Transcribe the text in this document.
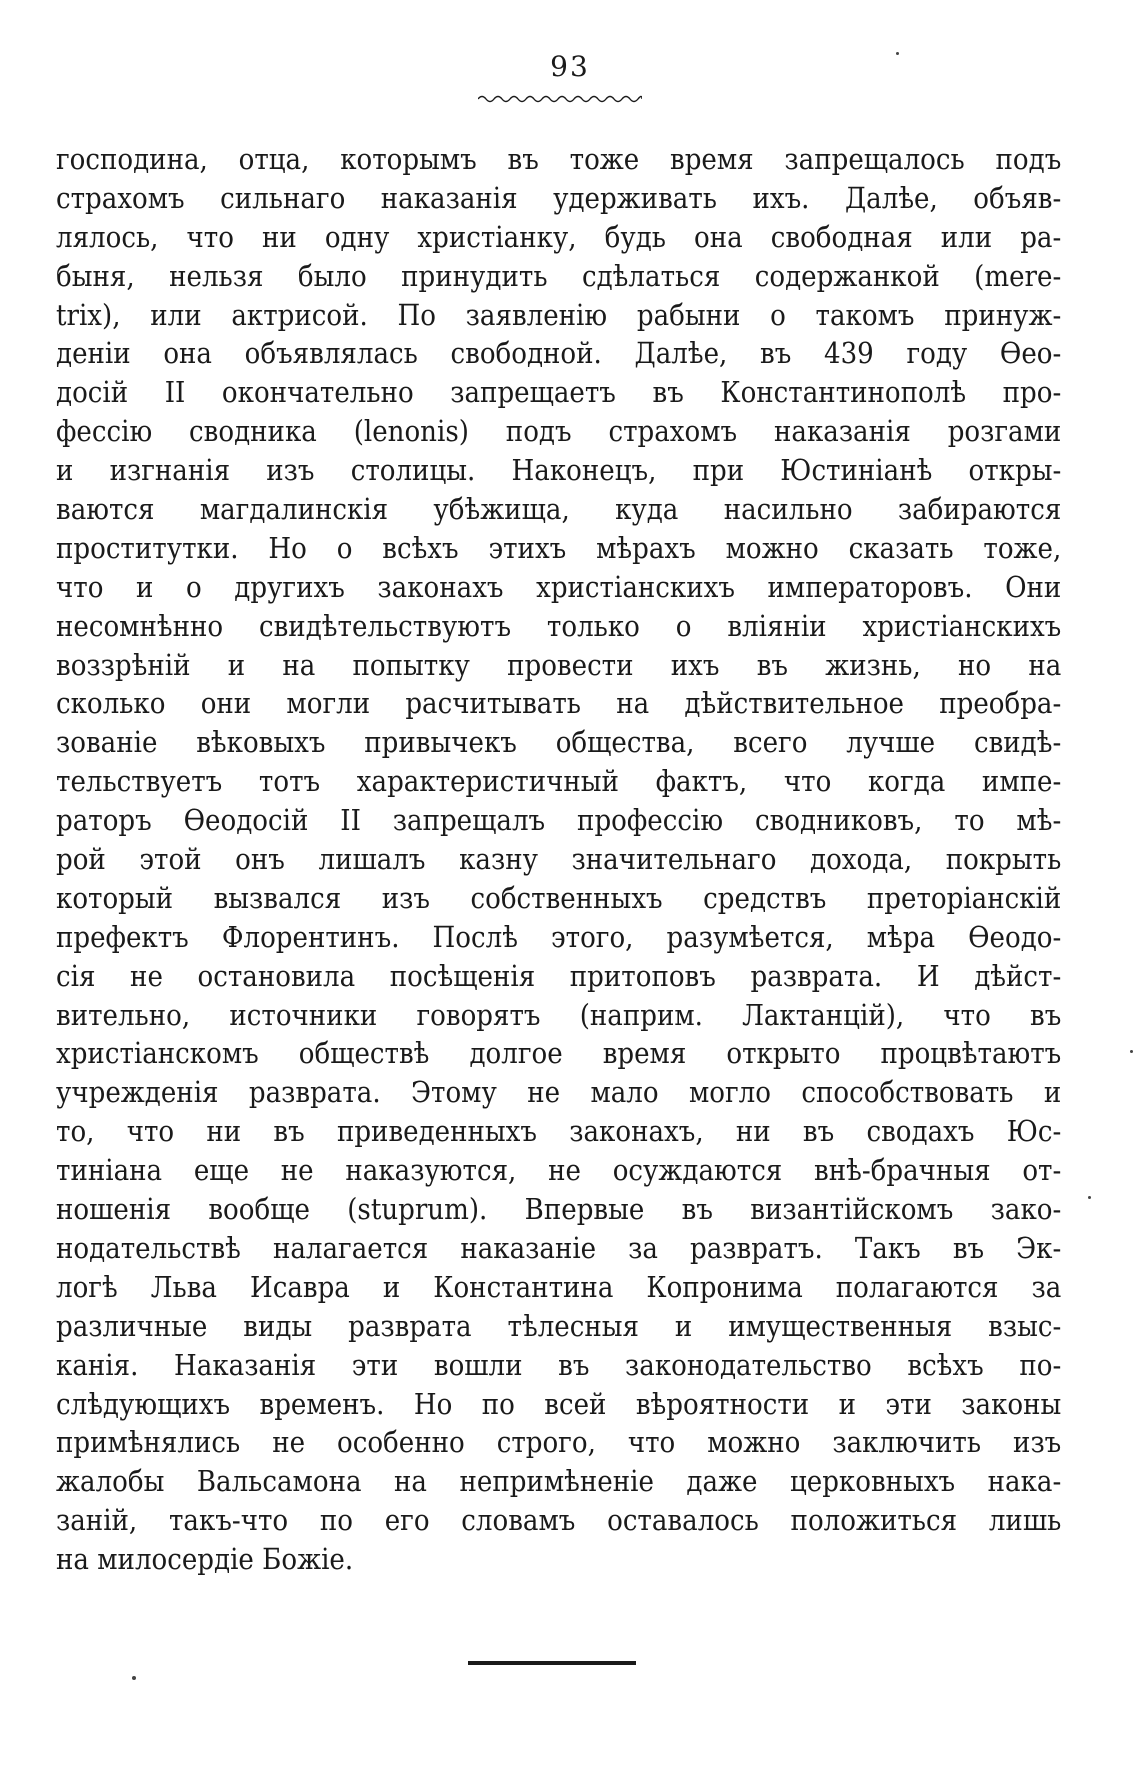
93
господина, отца, которымъ въ тоже время запрещалось подъ
страхомъ сильнаго наказанія удерживать ихъ. Далѣе, объяв-
лялось, что ни одну христіанку, будь она свободная или ра-
быня, нельзя было принудить сдѣлаться содержанкой (mere-
trix), или актрисой. По заявленію рабыни о такомъ принуж-
деніи она объявлялась свободной. Далѣе, въ 439 году Ѳео-
досій II окончательно запрещаетъ въ Константинополѣ про-
фессію сводника (lenonis) подъ страхомъ наказанія розгами
и изгнанія изъ столицы. Наконецъ, при Юстиніанѣ откры-
ваются магдалинскія убѣжища, куда насильно забираются
проститутки. Но о всѣхъ этихъ мѣрахъ можно сказать тоже,
что и о другихъ законахъ христіанскихъ императоровъ. Они
несомнѣнно свидѣтельствуютъ только о вліяніи христіанскихъ
воззрѣній и на попытку провести ихъ въ жизнь, но на
сколько они могли расчитывать на дѣйствительное преобра-
зованіе вѣковыхъ привычекъ общества, всего лучше свидѣ-
тельствуетъ тотъ характеристичный фактъ, что когда импе-
раторъ Ѳеодосій II запрещалъ профессію сводниковъ, то мѣ-
рой этой онъ лишалъ казну значительнаго дохода, покрыть
который вызвался изъ собственныхъ средствъ преторіанскій
префектъ Флорентинъ. Послѣ этого, разумѣется, мѣра Ѳеодо-
сія не остановила посѣщенія притоповъ разврата. И дѣйст-
вительно, источники говорятъ (наприм. Лактанцій), что въ
христіанскомъ обществѣ долгое время открыто процвѣтаютъ
учрежденія разврата. Этому не мало могло способствовать и
то, что ни въ приведенныхъ законахъ, ни въ сводахъ Юс-
тиніана еще не наказуются, не осуждаются внѣ-брачныя от-
ношенія вообще (stuprum). Впервые въ византійскомъ зако-
нодательствѣ налагается наказаніе за развратъ. Такъ въ Эк-
логѣ Льва Исавра и Константина Копронима полагаются за
различные виды разврата тѣлесныя и имущественныя взыс-
канія. Наказанія эти вошли въ законодательство всѣхъ по-
слѣдующихъ временъ. Но по всей вѣроятности и эти законы
примѣнялись не особенно строго, что можно заключить изъ
жалобы Вальсамона на непримѣненіе даже церковныхъ нака-
заній, такъ-что по его словамъ оставалось положиться лишь
на милосердіе Божіе.
